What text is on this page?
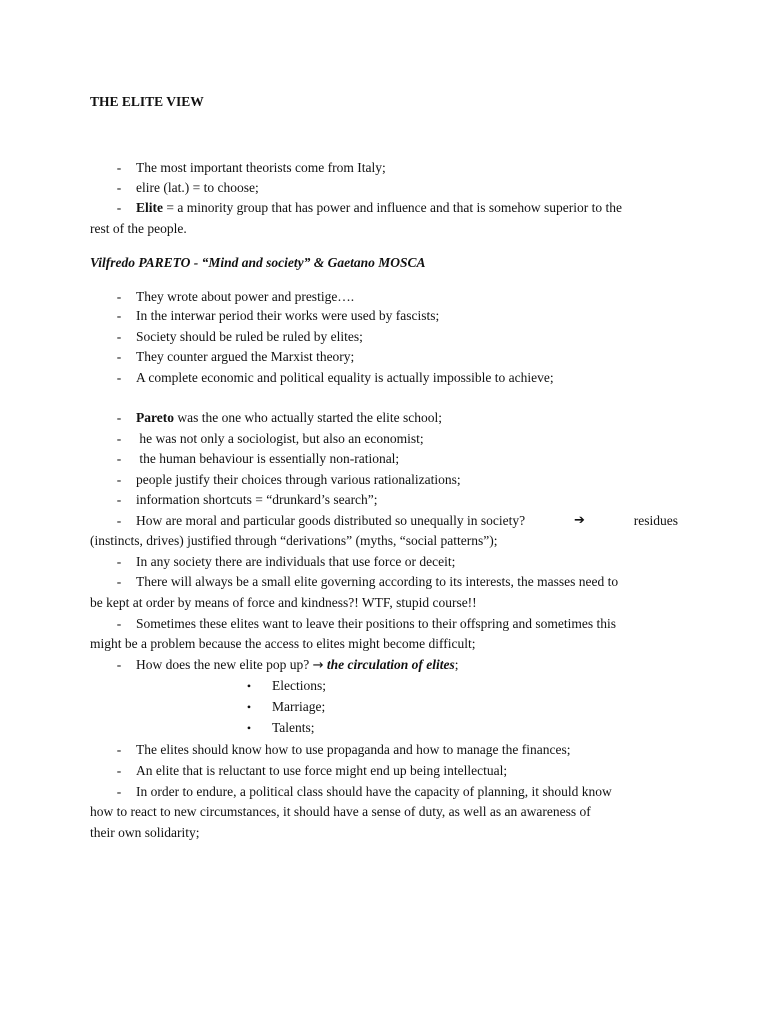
THE ELITE VIEW
- The most important theorists come from Italy;
- elire (lat.) = to choose;
- Elite = a minority group that has power and influence and that is somehow superior to the
rest of the people.
Vilfredo PARETO - “Mind and society” & Gaetano MOSCA
- They wrote about power and prestige….
- In the interwar period their works were used by fascists;
- Society should be ruled be ruled by elites;
- They counter argued the Marxist theory;
- A complete economic and political equality is actually impossible to achieve;
- Pareto was the one who actually started the elite school;
- he was not only a sociologist, but also an economist;
- the human behaviour is essentially non-rational;
- people justify their choices through various rationalizations;
- information shortcuts = “drunkard’s search”;
- How are moral and particular goods distributed so unequally in society?	➔	residues
(instincts, drives) justified through “derivations” (myths, “social patterns”);
- In any society there are individuals that use force or deceit;
- There will always be a small elite governing according to its interests, the masses need to
be kept at order by means of force and kindness?! WTF, stupid course!!
- Sometimes these elites want to leave their positions to their offspring and sometimes this
might be a problem because the access to elites might become difficult;
- How does the new elite pop up? → the circulation of elites;
• Elections;
• Marriage;
• Talents;
- The elites should know how to use propaganda and how to manage the finances;
- An elite that is reluctant to use force might end up being intellectual;
- In order to endure, a political class should have the capacity of planning, it should know
how to react to new circumstances, it should have a sense of duty, as well as an awareness of
their own solidarity;
